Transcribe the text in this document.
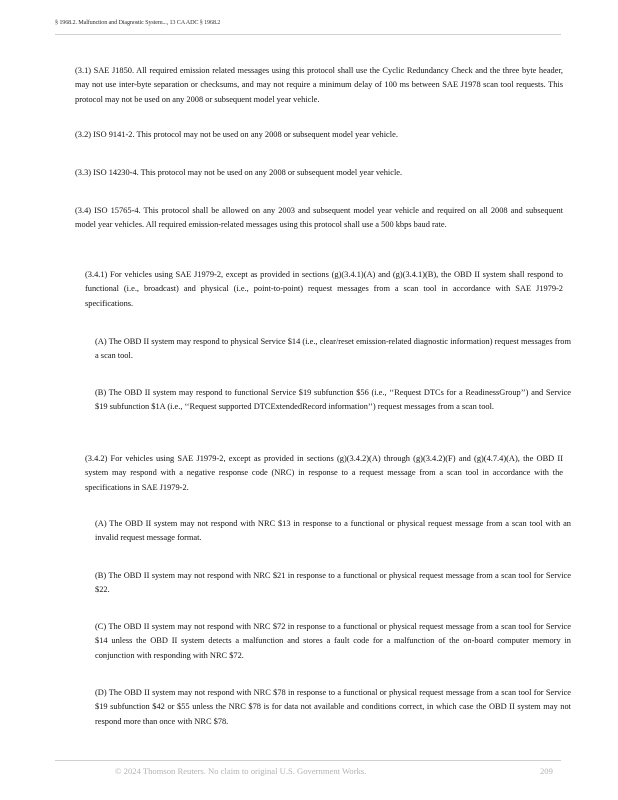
§ 1968.2. Malfunction and Diagnostic System..., 13 CA ADC § 1968.2

(3.1) SAE J1850. All required emission related messages using this protocol shall use the Cyclic Redundancy Check and the three byte header, may not use inter-byte separation or checksums, and may not require a minimum delay of 100 ms between SAE J1978 scan tool requests. This protocol may not be used on any 2008 or subsequent model year vehicle.

(3.2) ISO 9141-2. This protocol may not be used on any 2008 or subsequent model year vehicle.

(3.3) ISO 14230-4. This protocol may not be used on any 2008 or subsequent model year vehicle.

(3.4) ISO 15765-4. This protocol shall be allowed on any 2003 and subsequent model year vehicle and required on all 2008 and subsequent model year vehicles. All required emission-related messages using this protocol shall use a 500 kbps baud rate.

(3.4.1) For vehicles using SAE J1979-2, except as provided in sections (g)(3.4.1)(A) and (g)(3.4.1)(B), the OBD II system shall respond to functional (i.e., broadcast) and physical (i.e., point-to-point) request messages from a scan tool in accordance with SAE J1979-2 specifications.

(A) The OBD II system may respond to physical Service $14 (i.e., clear/reset emission-related diagnostic information) request messages from a scan tool.

(B) The OBD II system may respond to functional Service $19 subfunction $56 (i.e., ‘‘Request DTCs for a ReadinessGroup’’) and Service $19 subfunction $1A (i.e., ‘‘Request supported DTCExtendedRecord information’’) request messages from a scan tool.

(3.4.2) For vehicles using SAE J1979-2, except as provided in sections (g)(3.4.2)(A) through (g)(3.4.2)(F) and (g)(4.7.4)(A), the OBD II system may respond with a negative response code (NRC) in response to a request message from a scan tool in accordance with the specifications in SAE J1979-2.

(A) The OBD II system may not respond with NRC $13 in response to a functional or physical request message from a scan tool with an invalid request message format.

(B) The OBD II system may not respond with NRC $21 in response to a functional or physical request message from a scan tool for Service $22.

(C) The OBD II system may not respond with NRC $72 in response to a functional or physical request message from a scan tool for Service $14 unless the OBD II system detects a malfunction and stores a fault code for a malfunction of the on-board computer memory in conjunction with responding with NRC $72.

(D) The OBD II system may not respond with NRC $78 in response to a functional or physical request message from a scan tool for Service $19 subfunction $42 or $55 unless the NRC $78 is for data not available and conditions correct, in which case the OBD II system may not respond more than once with NRC $78.

© 2024 Thomson Reuters. No claim to original U.S. Government Works.	209
